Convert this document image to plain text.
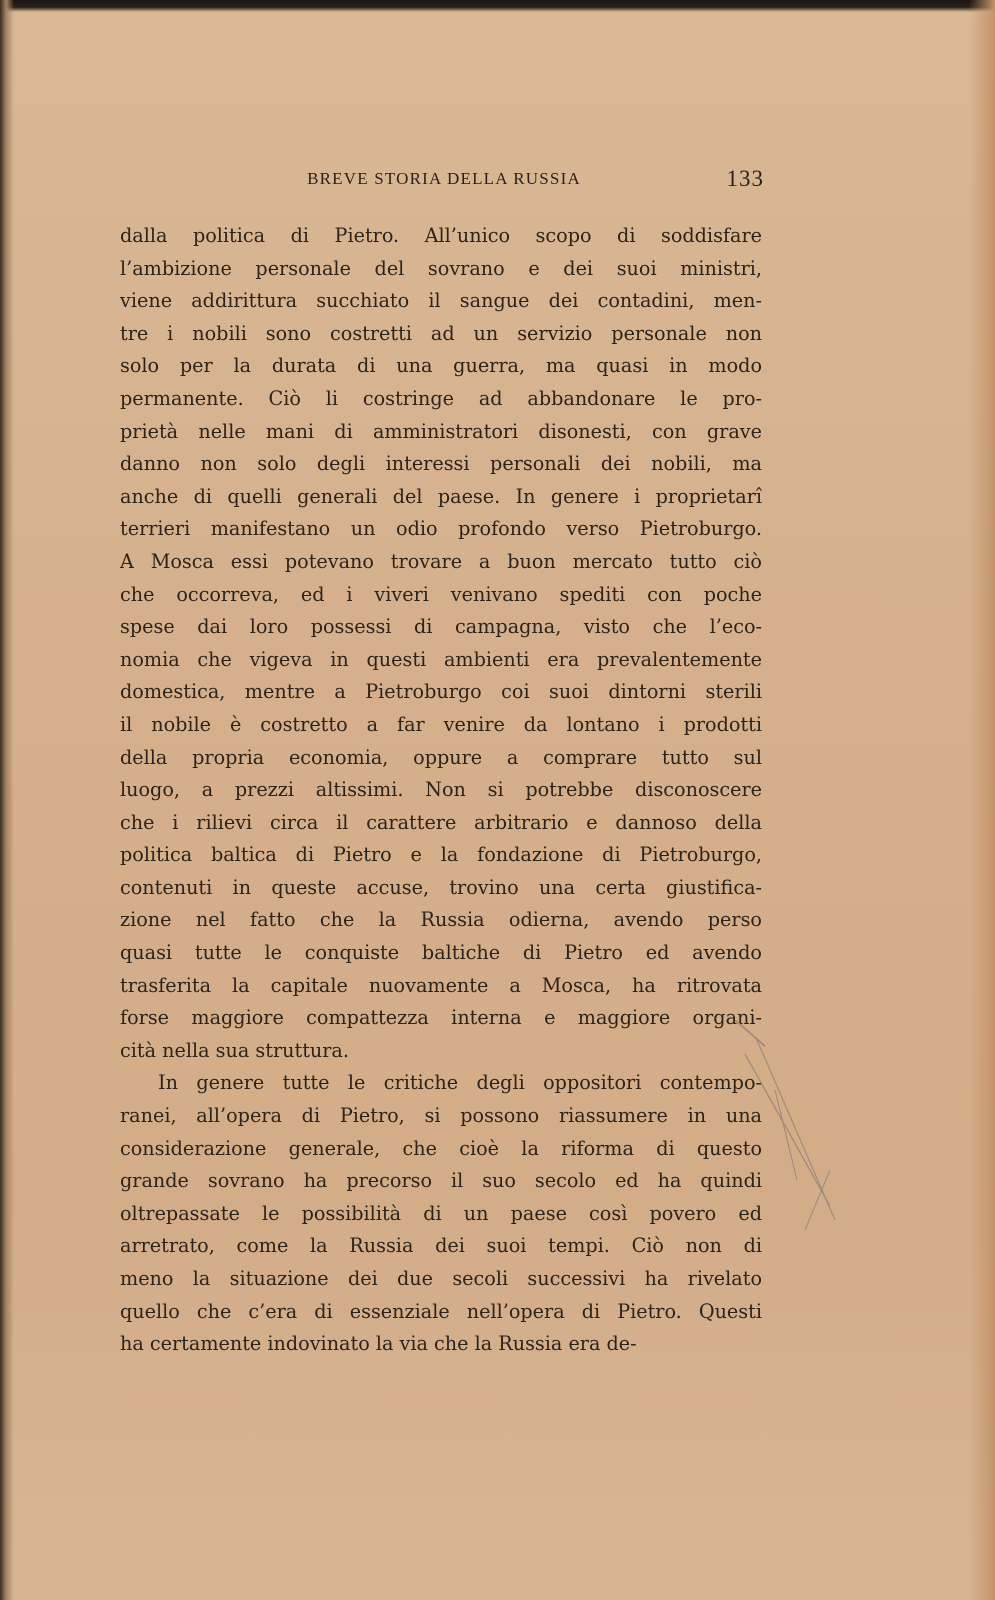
BREVE STORIA DELLA RUSSIA	133
dalla politica di Pietro. All’unico scopo di soddisfare
l’ambizione personale del sovrano e dei suoi ministri,
viene addirittura succhiato il sangue dei contadini, men-
tre i nobili sono costretti ad un servizio personale non
solo per la durata di una guerra, ma quasi in modo
permanente. Ciò li costringe ad abbandonare le pro-
prietà nelle mani di amministratori disonesti, con grave
danno non solo degli interessi personali dei nobili, ma
anche di quelli generali del paese. In genere i proprietarî
terrieri manifestano un odio profondo verso Pietroburgo.
A Mosca essi potevano trovare a buon mercato tutto ciò
che occorreva, ed i viveri venivano spediti con poche
spese dai loro possessi di campagna, visto che l’eco-
nomia che vigeva in questi ambienti era prevalentemente
domestica, mentre a Pietroburgo coi suoi dintorni sterili
il nobile è costretto a far venire da lontano i prodotti
della propria economia, oppure a comprare tutto sul
luogo, a prezzi altissimi. Non si potrebbe disconoscere
che i rilievi circa il carattere arbitrario e dannoso della
politica baltica di Pietro e la fondazione di Pietroburgo,
contenuti in queste accuse, trovino una certa giustifica-
zione nel fatto che la Russia odierna, avendo perso
quasi tutte le conquiste baltiche di Pietro ed avendo
trasferita la capitale nuovamente a Mosca, ha ritrovata
forse maggiore compattezza interna e maggiore organi-
cità nella sua struttura.
In genere tutte le critiche degli oppositori contempo-
ranei, all’opera di Pietro, si possono riassumere in una
considerazione generale, che cioè la riforma di questo
grande sovrano ha precorso il suo secolo ed ha quindi
oltrepassate le possibilità di un paese così povero ed
arretrato, come la Russia dei suoi tempi. Ciò non di
meno la situazione dei due secoli successivi ha rivelato
quello che c’era di essenziale nell’opera di Pietro. Questi
ha certamente indovinato la via che la Russia era de-
